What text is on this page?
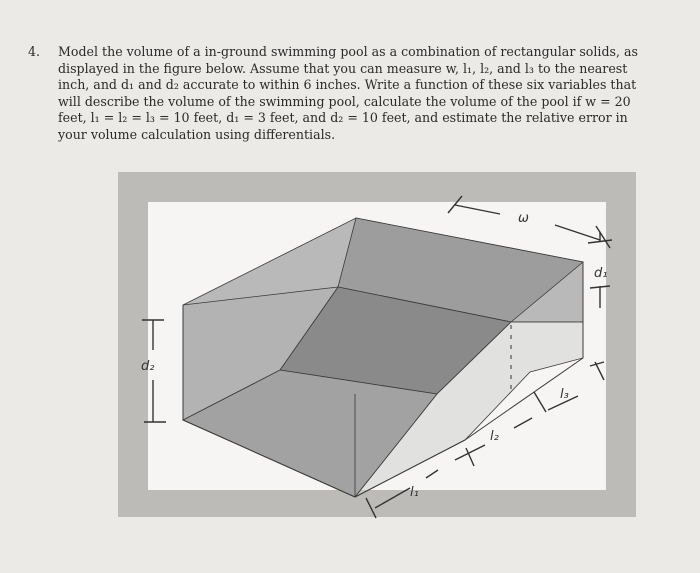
4.	Model the volume of a in-ground swimming pool as a combination of rectangular solids, as
displayed in the figure below. Assume that you can measure w, l₁, l₂, and l₃ to the nearest
inch, and d₁ and d₂ accurate to within 6 inches. Write a function of these six variables that
will describe the volume of the swimming pool, calculate the volume of the pool if w = 20
feet, l₁ = l₂ = l₃ = 10 feet, d₁ = 3 feet, and d₂ = 10 feet, and estimate the relative error in
your volume calculation using differentials.
ω
d₁
d₂
l₃
l₂
l₁
